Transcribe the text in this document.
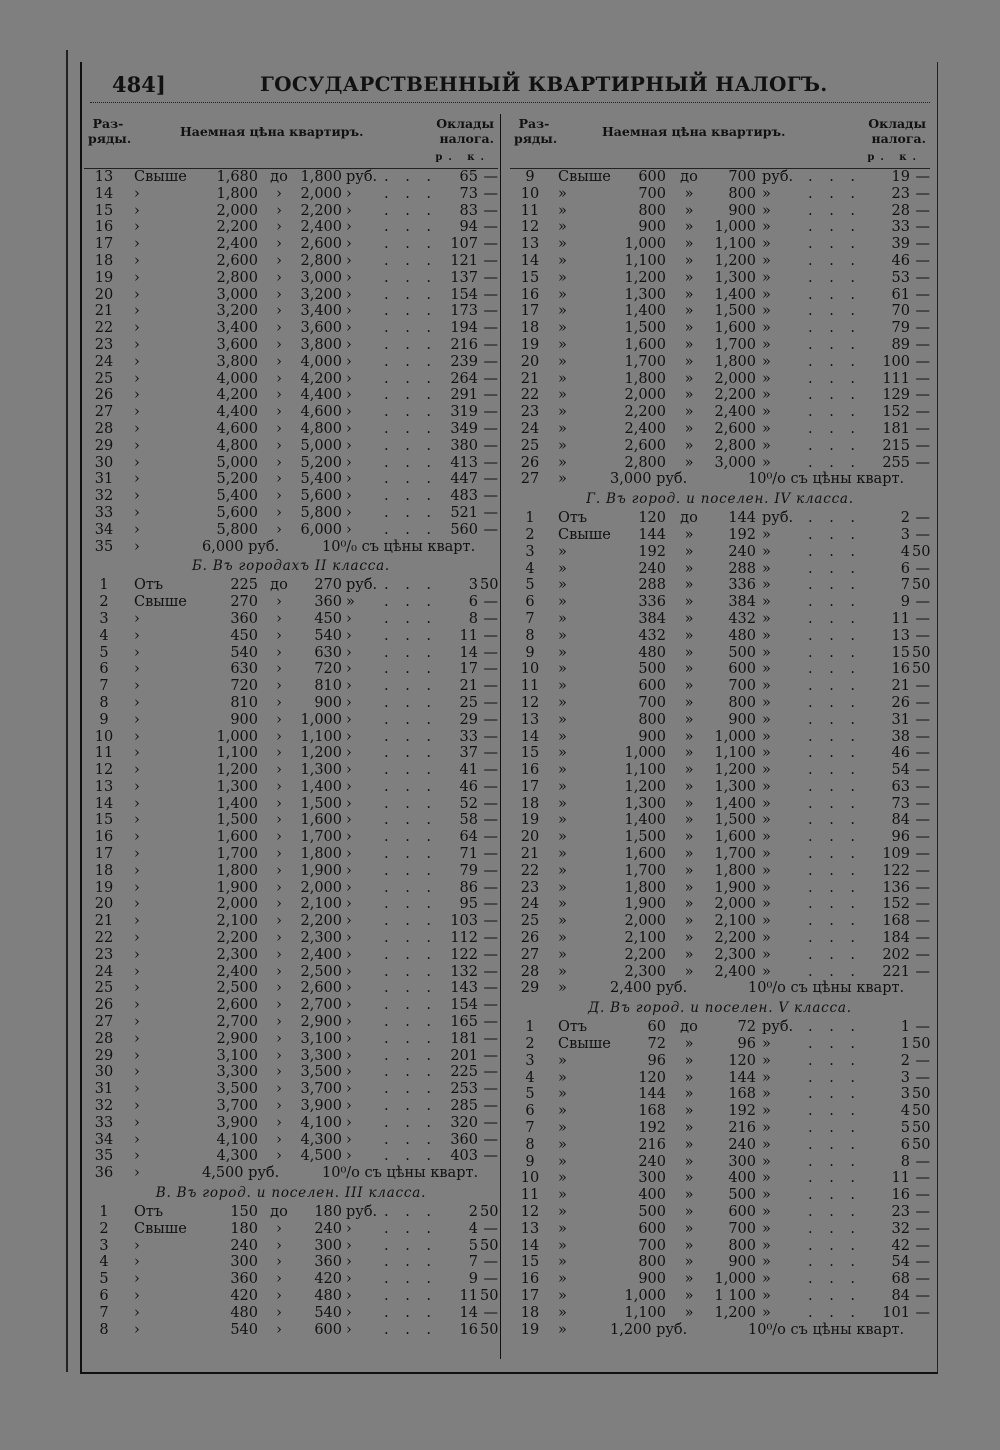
484]	ГОСУДАРСТВЕННЫЙ КВАРТИРНЫЙ НАЛОГЪ.
Раз-
ряды.	Наемная цѣна квартиръ.
Оклады
налога.
р. к.
13	Свыше	1,680 до 1,800 руб. . . . 65 —
14	›	1,800	›	2,000 › . . . 73 —
15	›	2,000	›	2,200 › . . . 83 —
16	›	2,200	›	2,400 › . . . 94 —
17	›	2,400	›	2,600 › . . . 107 —
18	›	2,600	›	2,800 › . . . 121 —
19	›	2,800	›	3,000 › . . . 137 —
20	›	3,000	›	3,200 › . . . 154 —
21	›	3,200	›	3,400 › . . . 173 —
22	›	3,400	›	3,600 › . . . 194 —
23	›	3,600	›	3,800 › . . . 216 —
24	›	3,800	›	4,000 › . . . 239 —
25	›	4,000	›	4,200 › . . . 264 —
26	›	4,200	›	4,400 › . . . 291 —
27	›	4,400	›	4,600 › . . . 319 —
28	›	4,600	›	4,800 › . . . 349 —
29	›	4,800	›	5,000 › . . . 380 —
30	›	5,000	›	5,200 › . . . 413 —
31	›	5,200	›	5,400 › . . . 447 —
32	›	5,400	›	5,600 › . . . 483 —
33	›	5,600	›	5,800 › . . . 521 —
34	›	5,800	›	6,000 › . . . 560 —
35	›	6,000 руб.	10⁰/₀ съ цѣны кварт.
Б. Въ городахъ II класса.
1	Отъ	225 до	270 руб. . . . 3 50
2	Свыше	270	›	360 » . . . 6 —
3	›	360	›	450 › . . . 8 —
4	›	450	›	540 › . . . 11 —
5	›	540	›	630 › . . . 14 —
6	›	630	›	720 › . . . 17 —
7	›	720	›	810 › . . . 21 —
8	›	810	›	900 › . . . 25 —
9	›	900	›	1,000 › . . . 29 —
10	›	1,000	›	1,100 › . . . 33 —
11	›	1,100	›	1,200 › . . . 37 —
12	›	1,200	›	1,300 › . . . 41 —
13	›	1,300	›	1,400 › . . . 46 —
14	›	1,400	›	1,500 › . . . 52 —
15	›	1,500	›	1,600 › . . . 58 —
16	›	1,600	›	1,700 › . . . 64 —
17	›	1,700	›	1,800 › . . . 71 —
18	›	1,800	›	1,900 › . . . 79 —
19	›	1,900	›	2,000 › . . . 86 —
20	›	2,000	›	2,100 › . . . 95 —
21	›	2,100	›	2,200 › . . . 103 —
22	›	2,200	›	2,300 › . . . 112 —
23	›	2,300	›	2,400 › . . . 122 —
24	›	2,400	›	2,500 › . . . 132 —
25	›	2,500	›	2,600 › . . . 143 —
26	›	2,600	›	2,700 › . . . 154 —
27	›	2,700	›	2,900 › . . . 165 —
28	›	2,900	›	3,100 › . . . 181 —
29	›	3,100	›	3,300 › . . . 201 —
30	›	3,300	›	3,500 › . . . 225 —
31	›	3,500	›	3,700 › . . . 253 —
32	›	3,700	›	3,900 › . . . 285 —
33	›	3,900	›	4,100 › . . . 320 —
34	›	4,100	›	4,300 › . . . 360 —
35	›	4,300	›	4,500 › . . . 403 —
36	›	4,500 руб.	10⁰/о съ цѣны кварт.
В. Въ город. и поселен. III класса.
1	Отъ	150 до	180 руб. . . . 2 50
2	Свыше	180	›	240 › . . . 4 —
3	›	240	›	300 › . . . 5 50
4	›	300	›	360 › . . . 7 —
5	›	360	›	420 › . . . 9 —
6	›	420	›	480 › . . . 11 50
7	›	480	›	540 › . . . 14 —
8	›	540	›	600 › . . . 16 50
Раз-
ряды.	Наемная цѣна квартиръ.
Оклады
налога.
р. к.
9	Свыше	600 до	700 руб. . . . 19 —
10	»	700	»	800 »	. . . 23 —
11	»	800	»	900 »	. . . 28 —
12	»	900	»	1,000 »	. . . 33 —
13	»	1,000	»	1,100 »	. . . 39 —
14	»	1,100	»	1,200 »	. . . 46 —
15	»	1,200	»	1,300 »	. . . 53 —
16	»	1,300	»	1,400 »	. . . 61 —
17	»	1,400	»	1,500 »	. . . 70 —
18	»	1,500	»	1,600 »	. . . 79 —
19	»	1,600	»	1,700 »	. . . 89 —
20	»	1,700	»	1,800 »	. . . 100 —
21	»	1,800	»	2,000 »	. . . 111 —
22	»	2,000	»	2,200 »	. . . 129 —
23	»	2,200	»	2,400 »	. . . 152 —
24	»	2,400	»	2,600 »	. . . 181 —
25	»	2,600	»	2,800 »	. . . 215 —
26	»	2,800	»	3,000 »	. . . 255 —
27	»	3,000 руб.	10⁰/о съ цѣны кварт.
Г. Въ город. и поселен. IV класса.
1	Отъ	120 до	144 руб. . . .	2 —
2	Свыше	144	»	192 »	. . .	3 —
3	»	192	»	240 »	. . .	4 50
4	»	240	»	288 »	. . .	6 —
5	»	288	»	336 »	. . .	7 50
6	»	336	»	384 »	. . .	9 —
7	»	384	»	432 »	. . . 11 —
8	»	432	»	480 »	. . . 13 —
9	»	480	»	500 »	. . . 15 50
10	»	500	»	600 »	. . . 16 50
11	»	600	»	700 »	. . . 21 —
12	»	700	»	800 »	. . . 26 —
13	»	800	»	900 »	. . . 31 —
14	»	900	»	1,000 »	. . . 38 —
15	»	1,000	»	1,100 »	. . . 46 —
16	»	1,100	»	1,200 »	. . . 54 —
17	»	1,200	»	1,300 »	. . . 63 —
18	»	1,300	»	1,400 »	. . . 73 —
19	»	1,400	»	1,500 »	. . . 84 —
20	»	1,500	»	1,600 »	. . . 96 —
21	»	1,600	»	1,700 »	. . . 109 —
22	»	1,700	»	1,800 »	. . . 122 —
23	»	1,800	»	1,900 »	. . . 136 —
24	»	1,900	»	2,000 »	. . . 152 —
25	»	2,000	»	2,100 »	. . . 168 —
26	»	2,100	»	2,200 »	. . . 184 —
27	»	2,200	»	2,300 »	. . . 202 —
28	»	2,300	»	2,400 »	. . . 221 —
29	»	2,400 руб.	10⁰/о съ цѣны кварт.
Д. Въ город. и поселен. V класса.
1	Отъ	60 до	72 руб. . . .	1 —
2	Свыше	72	»	96 »	. . .	1 50
3	»	96	»	120 »	. . .	2 —
4	»	120	»	144 »	. . .	3 —
5	»	144	»	168 »	. . .	3 50
6	»	168	»	192 »	. . .	4 50
7	»	192	»	216 »	. . .	5 50
8	»	216	»	240 »	. . .	6 50
9	»	240	»	300 »	. . .	8 —
10	»	300	»	400 »	. . . 11 —
11	»	400	»	500 »	. . . 16 —
12	»	500	»	600 »	. . . 23 —
13	»	600	»	700 »	. . . 32 —
14	»	700	»	800 »	. . . 42 —
15	»	800	»	900 »	. . . 54 —
16	»	900	»	1,000 »	. . . 68 —
17	»	1,000	»	1 100 »	. . . 84 —
18	»	1,100	»	1,200 »	. . . 101 —
19	»	1,200 руб.	10⁰/о съ цѣны кварт.
